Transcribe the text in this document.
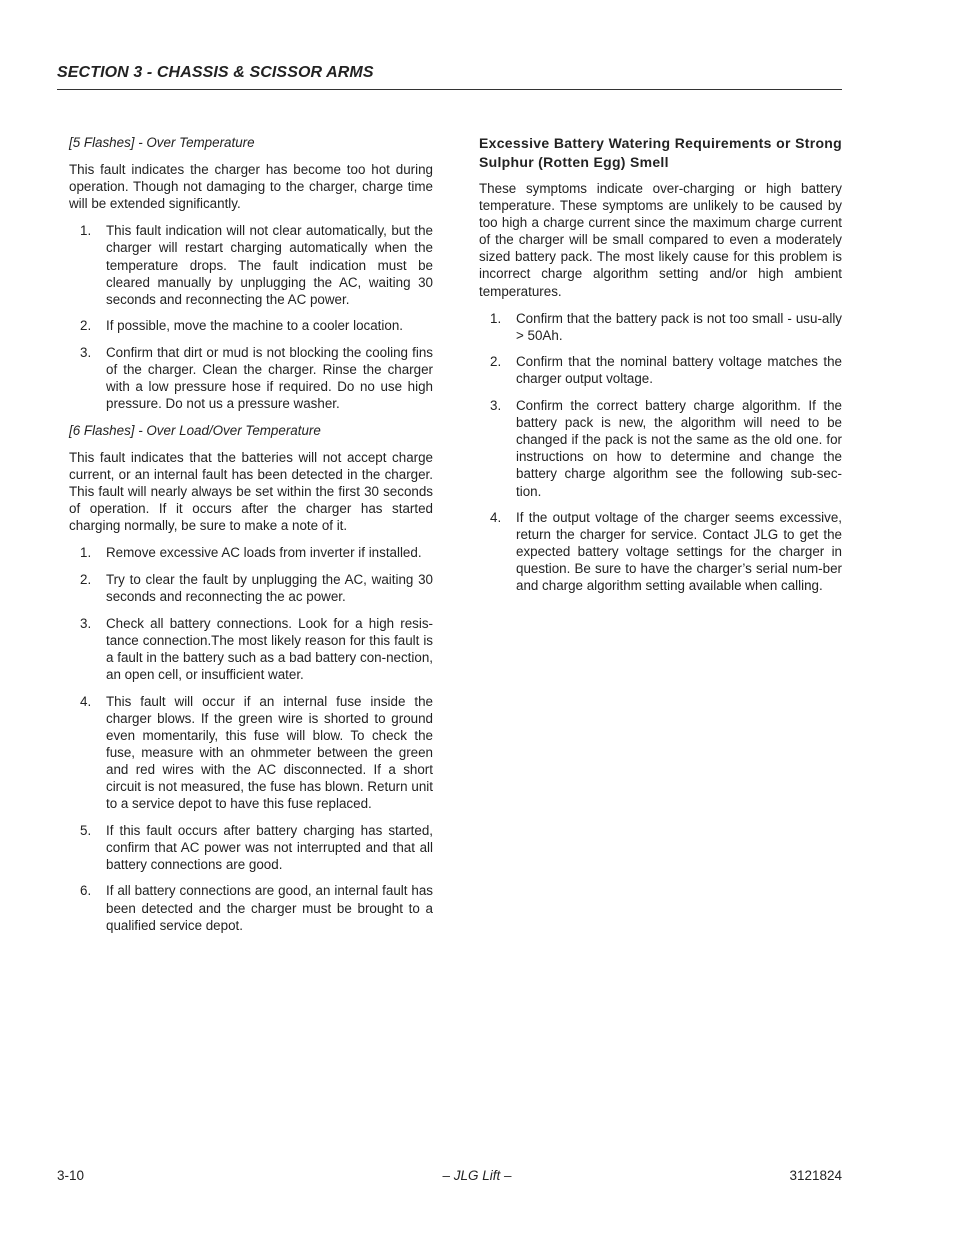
SECTION 3 - CHASSIS & SCISSOR ARMS
[5 Flashes] - Over Temperature

This fault indicates the charger has become too hot during operation. Though not damaging to the charger, charge time will be extended significantly.

1. This fault indication will not clear automatically, but the charger will restart charging automatically when the temperature drops. The fault indication must be cleared manually by unplugging the AC, waiting 30 seconds and reconnecting the AC power.
2. If possible, move the machine to a cooler location.
3. Confirm that dirt or mud is not blocking the cooling fins of the charger. Clean the charger. Rinse the charger with a low pressure hose if required. Do no use high pressure. Do not us a pressure washer.
[6 Flashes] - Over Load/Over Temperature

This fault indicates that the batteries will not accept charge current, or an internal fault has been detected in the charger. This fault will nearly always be set within the first 30 seconds of operation. If it occurs after the charger has started charging normally, be sure to make a note of it.

1. Remove excessive AC loads from inverter if installed.
2. Try to clear the fault by unplugging the AC, waiting 30 seconds and reconnecting the ac power.
3. Check all battery connections. Look for a high resis-tance connection.The most likely reason for this fault is a fault in the battery such as a bad battery con-nection, an open cell, or insufficient water.
4. This fault will occur if an internal fuse inside the charger blows. If the green wire is shorted to ground even momentarily, this fuse will blow. To check the fuse, measure with an ohmmeter between the green and red wires with the AC disconnected. If a short circuit is not measured, the fuse has blown. Return unit to a service depot to have this fuse replaced.
5. If this fault occurs after battery charging has started, confirm that AC power was not interrupted and that all battery connections are good.
6. If all battery connections are good, an internal fault has been detected and the charger must be brought to a qualified service depot.
Excessive Battery Watering Requirements or Strong Sulphur (Rotten Egg) Smell

These symptoms indicate over-charging or high battery temperature. These symptoms are unlikely to be caused by too high a charge current since the maximum charge current of the charger will be small compared to even a moderately sized battery pack. The most likely cause for this problem is incorrect charge algorithm setting and/or high ambient temperatures.

1. Confirm that the battery pack is not too small - usu-ally > 50Ah.
2. Confirm that the nominal battery voltage matches the charger output voltage.
3. Confirm the correct battery charge algorithm. If the battery pack is new, the algorithm will need to be changed if the pack is not the same as the old one. for instructions on how to determine and change the battery charge algorithm see the following sub-sec-tion.
4. If the output voltage of the charger seems excessive, return the charger for service. Contact JLG to get the expected battery voltage settings for the charger in question. Be sure to have the charger’s serial num-ber and charge algorithm setting available when calling.
3-10	– JLG Lift –	3121824
